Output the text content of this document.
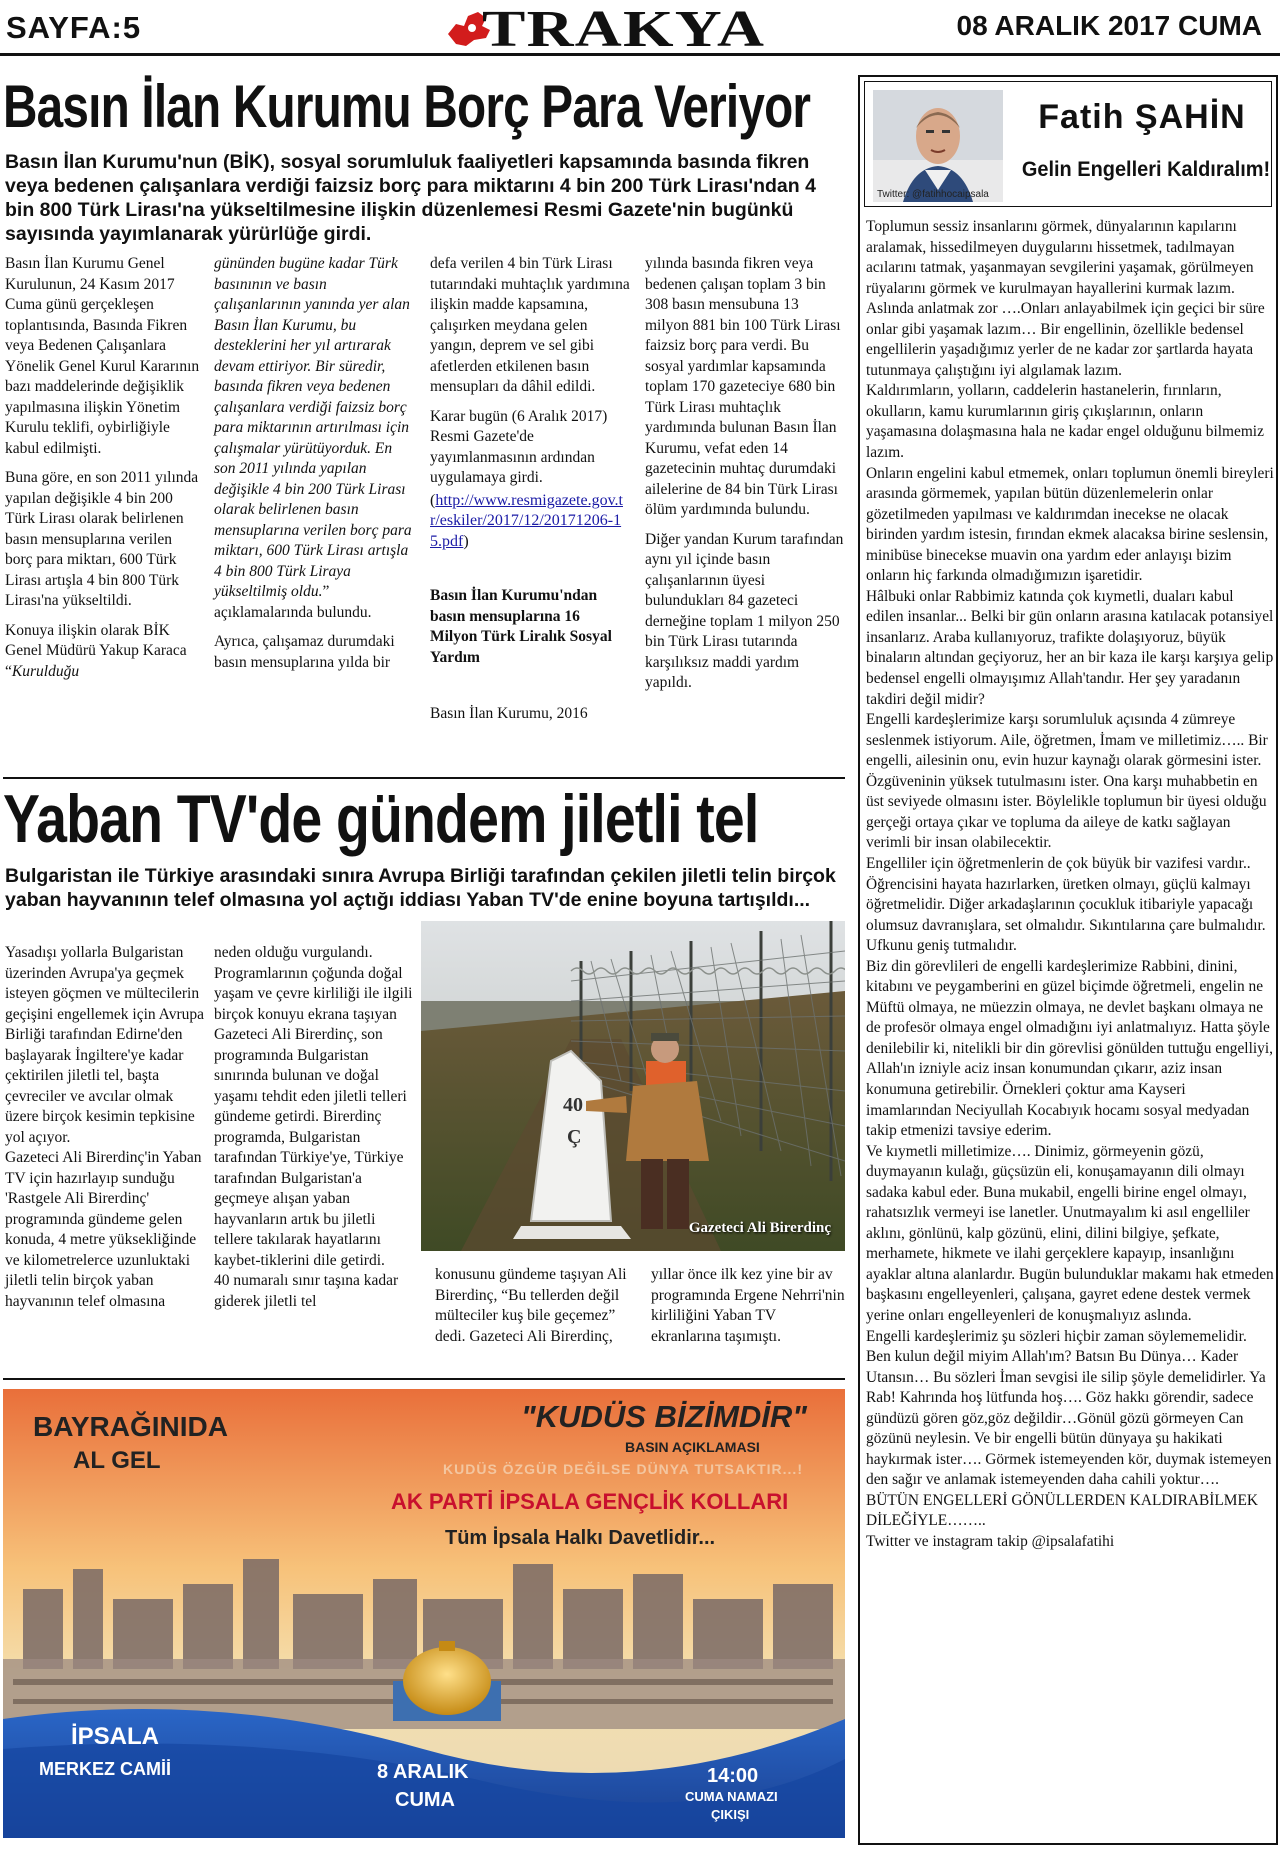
SAYFA:5	TRAKYA	08 ARALIK 2017 CUMA
Basın İlan Kurumu Borç Para Veriyor
Basın İlan Kurumu'nun (BİK), sosyal sorumluluk faaliyetleri kapsamında basında fikren veya bedenen çalışanlara verdiği faizsiz borç para miktarını 4 bin 200 Türk Lirası'ndan 4 bin 800 Türk Lirası'na yükseltilmesine ilişkin düzenlemesi Resmi Gazete'nin bugünkü sayısında yayımlanarak yürürlüğe girdi.

Basın İlan Kurumu Genel Kurulunun, 24 Kasım 2017 Cuma günü gerçekleşen toplantısında, Basında Fikren veya Bedenen Çalışanlara Yönelik Genel Kurul Kararının bazı maddelerinde değişiklik yapılmasına ilişkin Yönetim Kurulu teklifi, oybirliğiyle kabul edilmişti.

Buna göre, en son 2011 yılında yapılan değişikle 4 bin 200 Türk Lirası olarak belirlenen basın mensuplarına verilen borç para miktarı, 600 Türk Lirası artışla 4 bin 800 Türk Lirası'na yükseltildi.

Konuya ilişkin olarak BİK Genel Müdürü Yakup Karaca “Kurulduğu

gününden bugüne kadar Türk basınının ve basın çalışanlarının yanında yer alan Basın İlan Kurumu, bu desteklerini her yıl artırarak devam ettiriyor. Bir süredir, basında fikren veya bedenen çalışanlara verdiği faizsiz borç para miktarının artırılması için çalışmalar yürütüyorduk. En son 2011 yılında yapılan değişikle 4 bin 200 Türk Lirası olarak belirlenen basın mensuplarına verilen borç para miktarı, 600 Türk Lirası artışla 4 bin 800 Türk Liraya yükseltilmiş oldu.” açıklamalarında bulundu.

Ayrıca, çalışamaz durumdaki basın mensuplarına yılda bir

defa verilen 4 bin Türk Lirası tutarındaki muhtaçlık yardımına ilişkin madde kapsamına, çalışırken meydana gelen yangın, deprem ve sel gibi afetlerden etkilenen basın mensupları da dâhil edildi.

Karar bugün (6 Aralık 2017) Resmi Gazete'de yayımlanmasının ardından uygulamaya girdi.

(http://www.resmigazete.gov.tr/eskiler/2017/12/20171206-15.pdf)

Basın İlan Kurumu'ndan basın mensuplarına 16 Milyon Türk Liralık Sosyal Yardım

Basın İlan Kurumu, 2016

yılında basında fikren veya bedenen çalışan toplam 3 bin 308 basın mensubuna 13 milyon 881 bin 100 Türk Lirası faizsiz borç para verdi. Bu sosyal yardımlar kapsamında toplam 170 gazeteciye 680 bin Türk Lirası muhtaçlık yardımında bulunan Basın İlan Kurumu, vefat eden 14 gazetecinin muhtaç durumdaki ailelerine de 84 bin Türk Lirası ölüm yardımında bulundu.

Diğer yandan Kurum tarafından aynı yıl içinde basın çalışanlarının üyesi bulundukları 84 gazeteci derneğine toplam 1 milyon 250 bin Türk Lirası tutarında karşılıksız maddi yardım yapıldı.

Yaban TV'de gündem jiletli tel
Bulgaristan ile Türkiye arasındaki sınıra Avrupa Birliği tarafından çekilen jiletli telin birçok yaban hayvanının telef olmasına yol açtığı iddiası Yaban TV'de enine boyuna tartışıldı...

Yasadışı yollarla Bulgaristan üzerinden Avrupa'ya geçmek isteyen göçmen ve mültecilerin geçişini engellemek için Avrupa Birliği tarafından Edirne'den başlayarak İngiltere'ye kadar çektirilen jiletli tel, başta çevreciler ve avcılar olmak üzere birçok kesimin tepkisine yol açıyor.

Gazeteci Ali Birerdinç'in Yaban TV için hazırlayıp sunduğu 'Rastgele Ali Birerdinç' programında gündeme gelen konuda, 4 metre yüksekliğinde ve kilometrelerce uzunluktaki jiletli telin birçok yaban hayvanının telef olmasına

neden olduğu vurgulandı. Programlarının çoğunda doğal yaşam ve çevre kirliliği ile ilgili birçok konuyu ekrana taşıyan Gazeteci Ali Birerdinç, son programında Bulgaristan sınırında bulunan ve doğal yaşamı tehdit eden jiletli telleri gündeme getirdi. Birerdinç programda, Bulgaristan tarafından Türkiye'ye, Türkiye tarafından Bulgaristan'a geçmeye alışan yaban hayvanların artık bu jiletli tellere takılarak hayatlarını kaybet-tiklerini dile getirdi.

40 numaralı sınır taşına kadar giderek jiletli tel

40
Ç
Gazeteci Ali Birerdinç

konusunu gündeme taşıyan Ali Birerdinç, “Bu tellerden değil mülteciler kuş bile geçemez” dedi. Gazeteci Ali Birerdinç,

yıllar önce ilk kez yine bir av programında Ergene Nehrri'nin kirliliğini Yaban TV ekranlarına taşımıştı.

BAYRAĞINIDA
AL GEL
"KUDÜS BİZİMDİR"
BASIN AÇIKLAMASI
KUDÜS ÖZGÜR DEĞİLSE DÜNYA TUTSAKTIR...!
AK PARTİ İPSALA GENÇLİK KOLLARI
Tüm İpsala Halkı Davetlidir...
İPSALA
MERKEZ CAMİİ	8 ARALIK
CUMA
14:00
CUMA NAMAZI
ÇIKIŞI
Twitter: @fatihhocaipsala
Fatih ŞAHİN
Gelin Engelleri Kaldıralım!

Toplumun sessiz insanlarını görmek, dünyalarının kapılarını aralamak, hissedilmeyen duygularını hissetmek, tadılmayan acılarını tatmak, yaşanmayan sevgilerini yaşamak, görülmeyen rüyalarını görmek ve kurulmayan hayallerini kurmak lazım. Aslında anlatmak zor ….Onları anlayabilmek için geçici bir süre onlar gibi yaşamak lazım… Bir engellinin, özellikle bedensel engellilerin yaşadığımız yerler de ne kadar zor şartlarda hayata tutunmaya çalıştığını iyi algılamak lazım.

Kaldırımların, yolların, caddelerin hastanelerin, fırınların, okulların, kamu kurumlarının giriş çıkışlarının, onların yaşamasına dolaşmasına hala ne kadar engel olduğunu bilmemiz lazım.

Onların engelini kabul etmemek, onları toplumun önemli bireyleri arasında görmemek, yapılan bütün düzenlemelerin onlar gözetilmeden yapılması ve kaldırımdan inecekse ne olacak birinden yardım istesin, fırından ekmek alacaksa birine seslensin, minibüse binecekse muavin ona yardım eder anlayışı bizim onların hiç farkında olmadığımızın işaretidir.

Hâlbuki onlar Rabbimiz katında çok kıymetli, duaları kabul edilen insanlar... Belki bir gün onların arasına katılacak potansiyel insanlarız. Araba kullanıyoruz, trafikte dolaşıyoruz, büyük binaların altından geçiyoruz, her an bir kaza ile karşı karşıya gelip bedensel engelli olmayışımız Allah'tandır. Her şey yaradanın takdiri değil midir?

Engelli kardeşlerimize karşı sorumluluk açısında 4 zümreye seslenmek istiyorum. Aile, öğretmen, İmam ve milletimiz….. Bir engelli, ailesinin onu, evin huzur kaynağı olarak görmesini ister. Özgüveninin yüksek tutulmasını ister. Ona karşı muhabbetin en üst seviyede olmasını ister. Böylelikle toplumun bir üyesi olduğu gerçeği ortaya çıkar ve topluma da aileye de katkı sağlayan verimli bir insan olabilecektir.

Engelliler için öğretmenlerin de çok büyük bir vazifesi vardır.. Öğrencisini hayata hazırlarken, üretken olmayı, güçlü kalmayı öğretmelidir. Diğer arkadaşlarının çocukluk itibariyle yapacağı olumsuz davranışlara, set olmalıdır. Sıkıntılarına çare bulmalıdır. Ufkunu geniş tutmalıdır.

Biz din görevlileri de engelli kardeşlerimize Rabbini, dinini, kitabını ve peygamberini en güzel biçimde öğretmeli, engelin ne Müftü olmaya, ne müezzin olmaya, ne devlet başkanı olmaya ne de profesör olmaya engel olmadığını iyi anlatmalıyız. Hatta şöyle denilebilir ki, nitelikli bir din görevlisi gönülden tuttuğu engelliyi, Allah'ın izniyle aciz insan konumundan çıkarır, aziz insan konumuna getirebilir. Örnekleri çoktur ama Kayseri imamlarından Neciyullah Kocabıyık hocamı sosyal medyadan takip etmenizi tavsiye ederim.

Ve kıymetli milletimize…. Dinimiz, görmeyenin gözü, duymayanın kulağı, güçsüzün eli, konuşamayanın dili olmayı sadaka kabul eder. Buna mukabil, engelli birine engel olmayı, rahatsızlık vermeyi ise lanetler. Unutmayalım ki asıl engelliler aklını, gönlünü, kalp gözünü, elini, dilini bilgiye, şefkate, merhamete, hikmete ve ilahi gerçeklere kapayıp, insanlığını ayaklar altına alanlardır. Bugün bulunduklar makamı hak etmeden başkasını engelleyenleri, çalışana, gayret edene destek vermek yerine onları engelleyenleri de konuşmalıyız aslında.

Engelli kardeşlerimiz şu sözleri hiçbir zaman söylememelidir. Ben kulun değil miyim Allah'ım? Batsın Bu Dünya… Kader Utansın… Bu sözleri İman sevgisi ile silip şöyle demelidirler. Ya Rab! Kahrında hoş lütfunda hoş…. Göz hakkı görendir, sadece gündüzü gören göz,göz değildir…Gönül gözü görmeyen Can gözünü neylesin. Ve bir engelli bütün dünyaya şu hakikati haykırmak ister…. Görmek istemeyenden kör, duymak istemeyen den sağır ve anlamak istemeyenden daha cahili yoktur….

BÜTÜN ENGELLERİ GÖNÜLLERDEN KALDIRABİLMEK DİLEĞİYLE……..

Twitter ve instagram takip @ipsalafatihi
